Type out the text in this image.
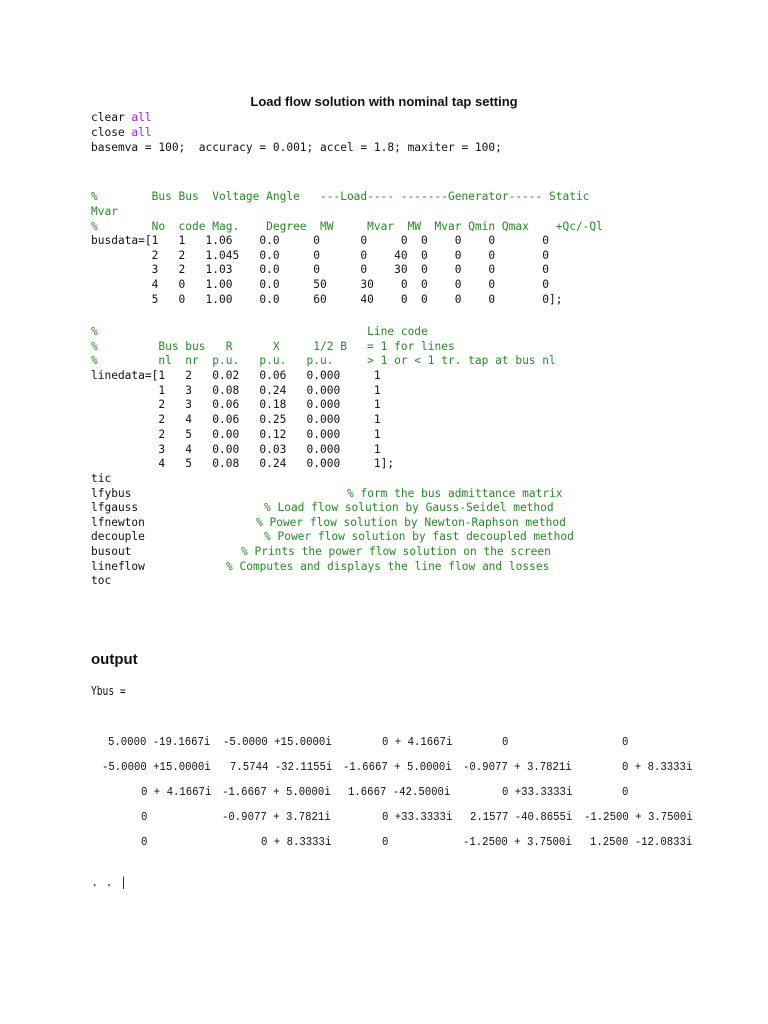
Load flow solution with nominal tap setting
clear all
close all
basemva = 100;  accuracy = 0.001; accel = 1.8; maxiter = 100;
%        Bus Bus  Voltage Angle   ---Load---- -------Generator----- Static
Mvar
%        No  code Mag.    Degree  MW     Mvar  MW  Mvar Qmin Qmax    +Qc/-Ql
busdata=[1   1   1.06    0.0     0      0     0  0    0    0       0
2   2   1.045   0.0     0      0    40  0    0    0       0
3   2   1.03    0.0     0      0    30  0    0    0       0
4   0   1.00    0.0     50     30    0  0    0    0       0
5   0   1.00    0.0     60     40    0  0    0    0       0];
%                                        Line code
%         Bus bus   R      X     1/2 B   = 1 for lines
%         nl  nr  p.u.   p.u.   p.u.     > 1 or < 1 tr. tap at bus nl
linedata=[1   2   0.02   0.06   0.000     1
1   3   0.08   0.24   0.000     1
2   3   0.06   0.18   0.000     1
2   4   0.06   0.25   0.000     1
2   5   0.00   0.12   0.000     1
3   4   0.00   0.03   0.000     1
4   5   0.08   0.24   0.000     1];
tic
lfybus	% form the bus admittance matrix
lfgauss	% Load flow solution by Gauss-Seidel method
lfnewton	% Power flow solution by Newton-Raphson method
decouple	% Power flow solution by fast decoupled method
busout	% Prints the power flow solution on the screen
lineflow	% Computes and displays the line flow and losses
toc
output
Ybus =
5.0000 -19.1667i -5.0000 +15.0000i	0 + 4.1667i	0	0
-5.0000 +15.0000i 7.5744 -32.1155i -1.6667 + 5.0000i -0.9077 + 3.7821i	0 + 8.3333i
0 + 4.1667i -1.6667 + 5.0000i 1.6667 -42.5000i	0 +33.3333i	0
0	-0.9077 + 3.7821i	0 +33.3333i 2.1577 -40.8655i -1.2500 + 3.7500i
0	0 + 8.3333i	0	-1.2500 + 3.7500i 1.2500 -12.0833i
. . |
